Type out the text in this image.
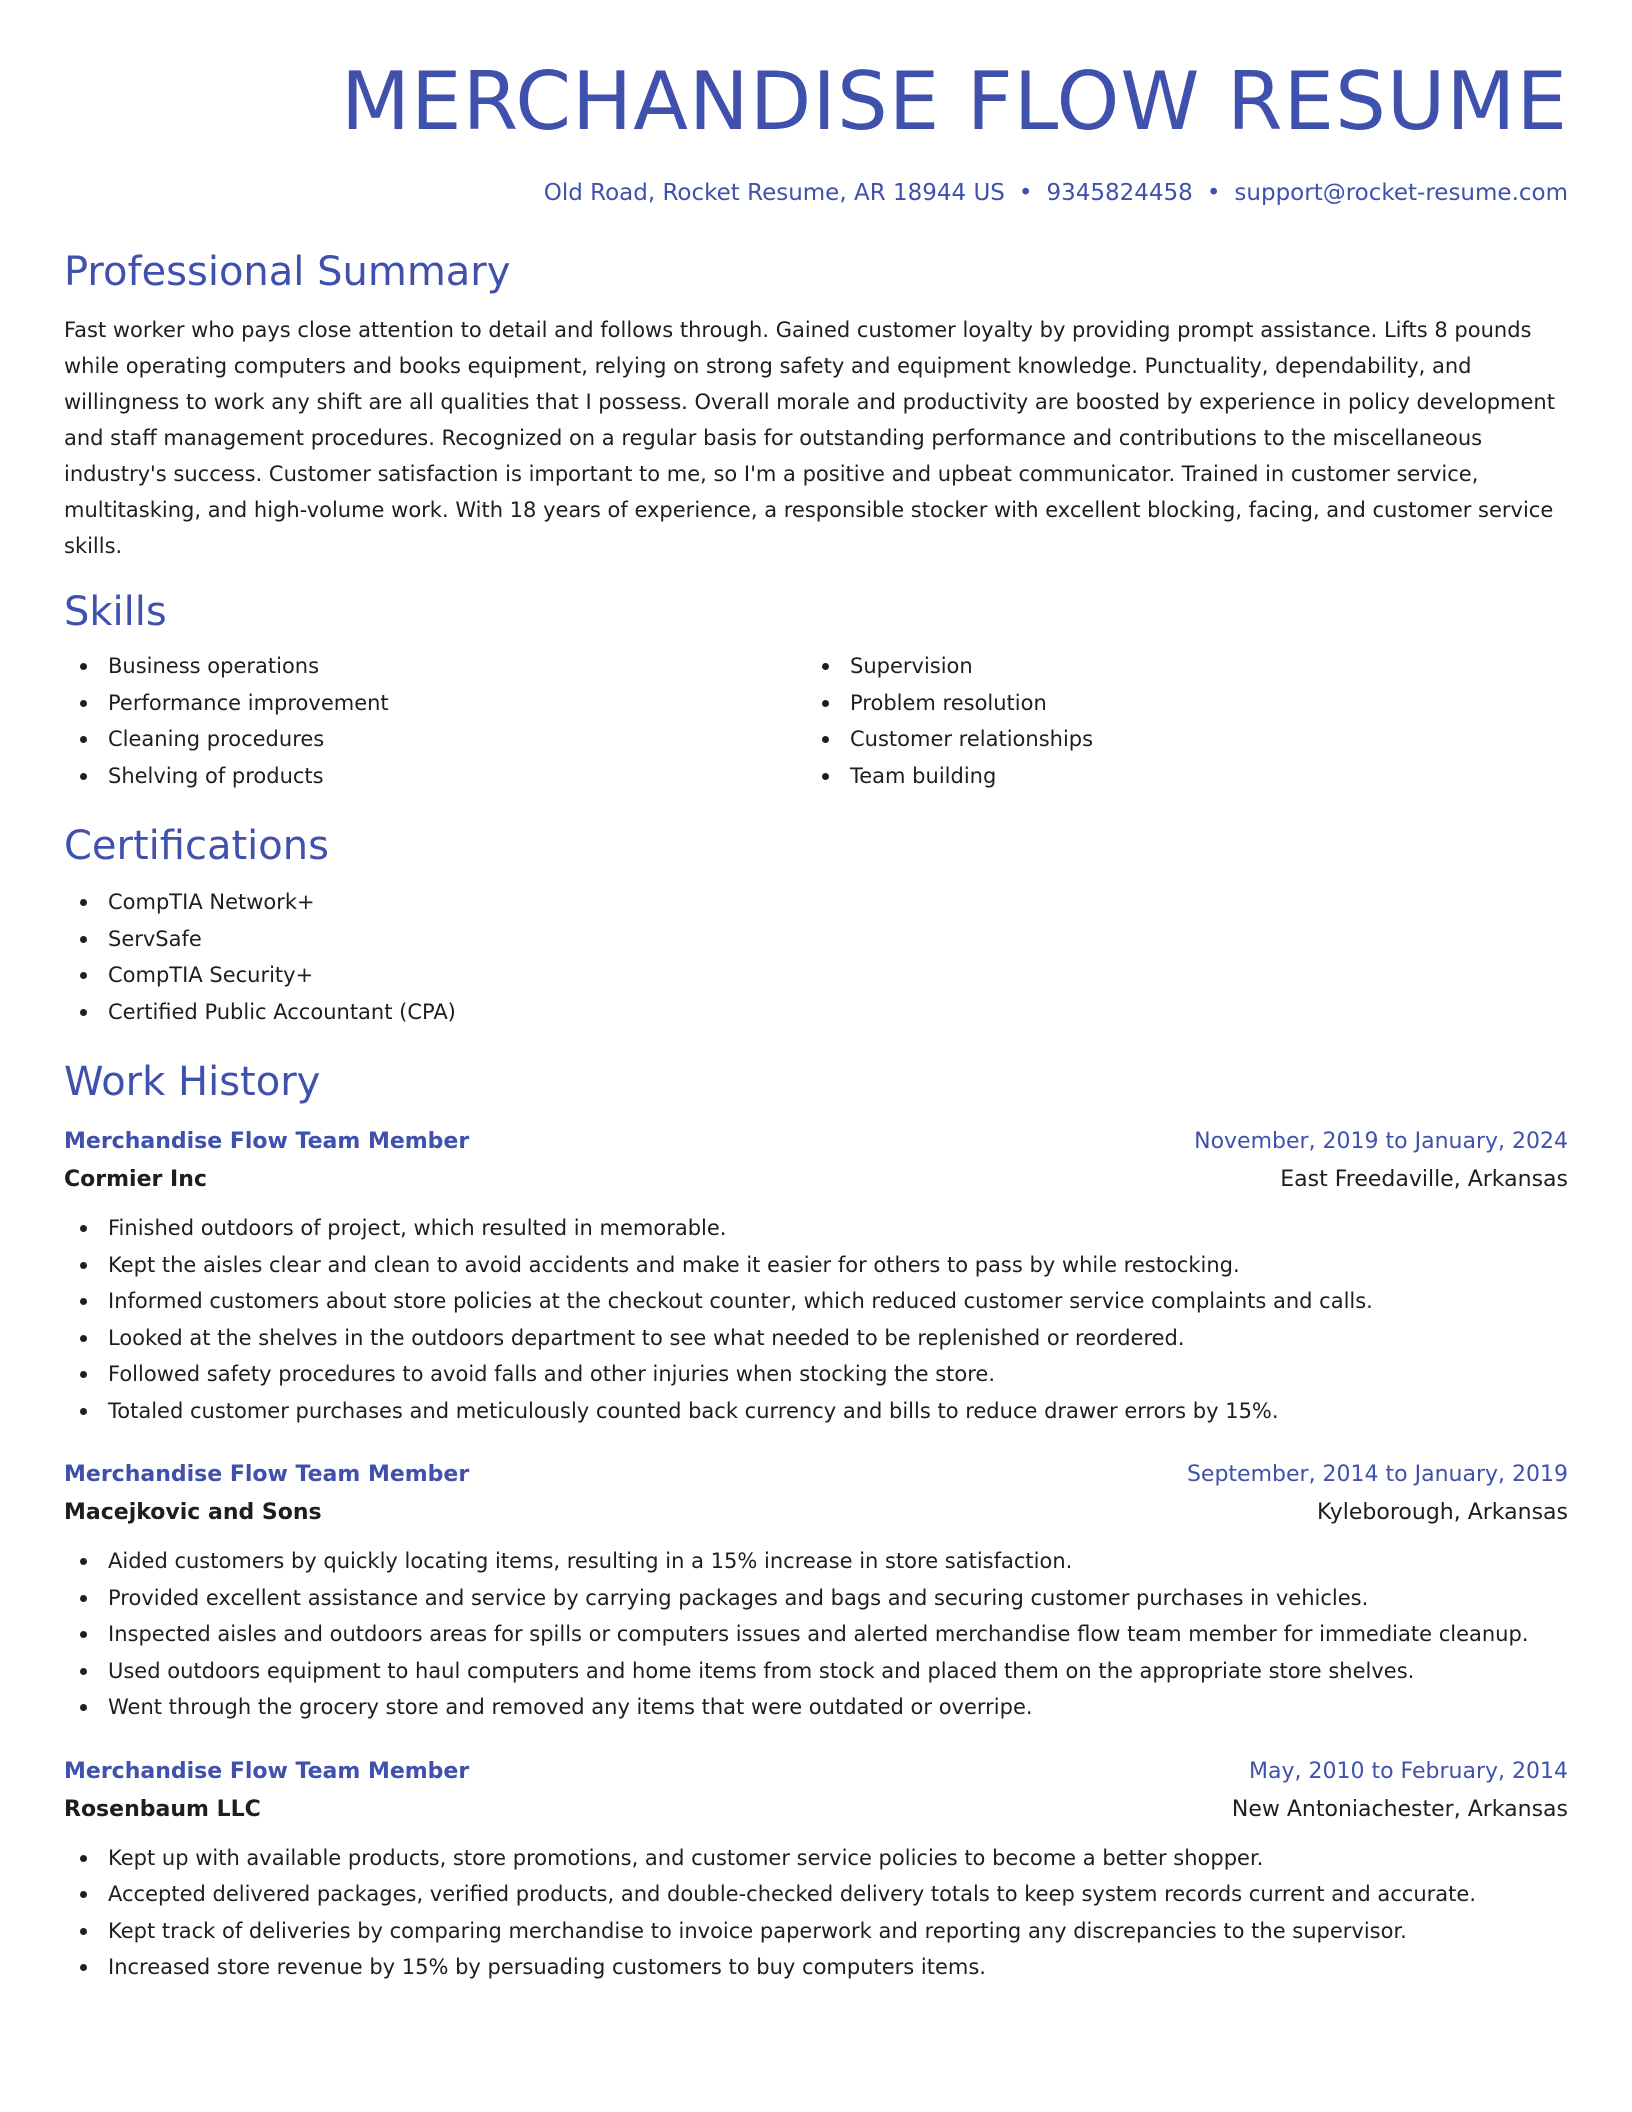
MERCHANDISE FLOW RESUME
Old Road, Rocket Resume, AR 18944 US • 9345824458 • support@rocket-resume.com
Professional Summary

Fast worker who pays close attention to detail and follows through. Gained customer loyalty by providing prompt assistance. Lifts 8 pounds while operating computers and books equipment, relying on strong safety and equipment knowledge. Punctuality, dependability, and willingness to work any shift are all qualities that I possess. Overall morale and productivity are boosted by experience in policy development and staff management procedures. Recognized on a regular basis for outstanding performance and contributions to the miscellaneous industry's success. Customer satisfaction is important to me, so I'm a positive and upbeat communicator. Trained in customer service, multitasking, and high-volume work. With 18 years of experience, a responsible stocker with excellent blocking, facing, and customer service skills.

Skills
Business operations
Performance improvement
Cleaning procedures
Shelving of products
Supervision
Problem resolution
Customer relationships
Team building
Certifications
CompTIA Network+
ServSafe
CompTIA Security+
Certified Public Accountant (CPA)
Work History
Merchandise Flow Team Member	November, 2019 to January, 2024
Cormier Inc	East Freedaville, Arkansas
Finished outdoors of project, which resulted in memorable.
Kept the aisles clear and clean to avoid accidents and make it easier for others to pass by while restocking.
Informed customers about store policies at the checkout counter, which reduced customer service complaints and calls.
Looked at the shelves in the outdoors department to see what needed to be replenished or reordered.
Followed safety procedures to avoid falls and other injuries when stocking the store.
Totaled customer purchases and meticulously counted back currency and bills to reduce drawer errors by 15%.
Merchandise Flow Team Member	September, 2014 to January, 2019
Macejkovic and Sons	Kyleborough, Arkansas
Aided customers by quickly locating items, resulting in a 15% increase in store satisfaction.
Provided excellent assistance and service by carrying packages and bags and securing customer purchases in vehicles.
Inspected aisles and outdoors areas for spills or computers issues and alerted merchandise flow team member for immediate cleanup.
Used outdoors equipment to haul computers and home items from stock and placed them on the appropriate store shelves.
Went through the grocery store and removed any items that were outdated or overripe.
Merchandise Flow Team Member	May, 2010 to February, 2014
Rosenbaum LLC	New Antoniachester, Arkansas
Kept up with available products, store promotions, and customer service policies to become a better shopper.
Accepted delivered packages, verified products, and double-checked delivery totals to keep system records current and accurate.
Kept track of deliveries by comparing merchandise to invoice paperwork and reporting any discrepancies to the supervisor.
Increased store revenue by 15% by persuading customers to buy computers items.
